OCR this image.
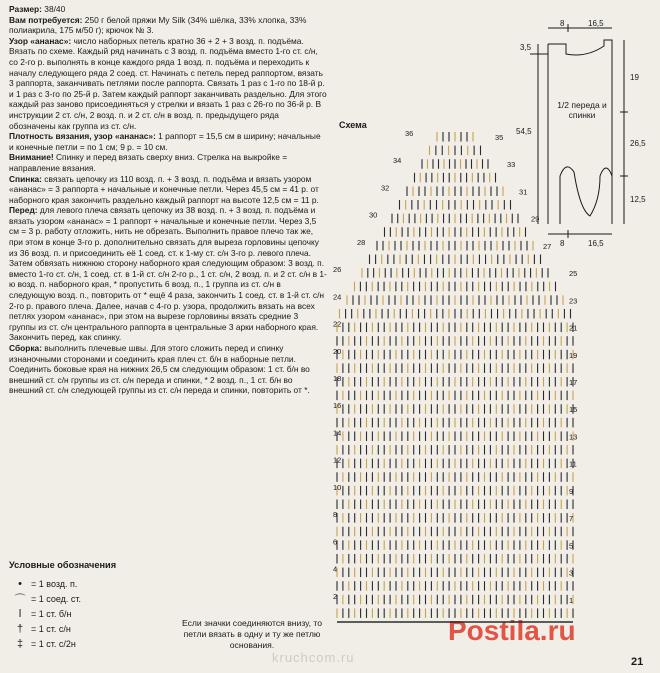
Размер: 38/40

Вам потребуется: 250 г белой пряжи My Silk (34% шёлка, 33% хлопка, 33% полиакрила, 175 м/50 г); крючок № 3.

Узор «ананас»: число наборных петель кратно 36 + 2 + 3 возд. п. подъёма. Вязать по схеме. Каждый ряд начинать с 3 возд. п. подъёма вместо 1-го ст. с/н, со 2-го р. выполнять в конце каждого ряда 1 возд. п. подъёма и переходить к началу следующего ряда 2 соед. ст. Начинать с петель перед раппортом, вязать 3 раппорта, заканчивать петлями после раппорта. Связать 1 раз с 1-го по 18-й р. и 1 раз с 3-го по 25-й р. Затем каждый раппорт заканчивать раздельно. Для этого каждый раз заново присоединяться у стрелки и вязать 1 раз с 26-го по 36-й р. В инструкции 2 ст. с/н, 2 возд. п. и 2 ст. с/н в возд. п. предыдущего ряда обозначены как группа из ст. с/н.

Плотность вязания, узор «ананас»: 1 раппорт = 15,5 см в ширину; начальные и конечные петли = по 1 см; 9 р. = 10 см.

Внимание! Спинку и перед вязать сверху вниз. Стрелка на выкройке = направление вязания.

Спинка: связать цепочку из 110 возд. п. + 3 возд. п. подъёма и вязать узором «ананас» = 3 раппорта + начальные и конечные петли. Через 45,5 см = 41 р. от наборного края закончить раздельно каждый раппорт на высоте 12,5 см = 11 р.

Перед: для левого плеча связать цепочку из 38 возд. п. + 3 возд. п. подъёма и вязать узором «ананас» = 1 раппорт + начальные и конечные петли. Через 3,5 см = 3 р. работу отложить, нить не обрезать. Выполнить правое плечо так же, при этом в конце 3-го р. дополнительно связать для выреза горловины цепочку из 36 возд. п. и присоединить её 1 соед. ст. к 1-му ст. с/н 3-го р. левого плеча. Затем обвязать нижнюю сторону наборного края следующим образом: 3 возд. п. вместо 1-го ст. с/н, 1 соед. ст. в 1-й ст. с/н 2-го р., 1 ст. с/н, 2 возд. п. и 2 ст. с/н в 1-ю возд. п. наборного края, * пропустить 6 возд. п., 1 группа из ст. с/н в следующую возд. п., повторить от * ещё 4 раза, закончить 1 соед. ст. в 1-й ст. с/н 2-го р. правого плеча. Далее, начав с 4-го р. узора, продолжить вязать на всех петлях узором «ананас», при этом на вырезе горловины вязать средние 3 группы из ст. с/н центрального раппорта в центральные 3 арки наборного края. Закончить перед, как спинку.

Сборка: выполнить плечевые швы. Для этого сложить перед и спинку изнаночными сторонами и соединить края плеч ст. б/н в наборные петли. Соединить боковые края на нижних 26,5 см следующим образом: 1 ст. б/н во внешний ст. с/н группы из ст. с/н переда и спинки, * 2 возд. п., 1 ст. б/н во внешний ст. с/н следующей группы из ст. с/н переда и спинки, повторить от *.

Условные обозначения
•	= 1 возд. п.
⌒ = 1 соед. ст.
ǀ	= 1 ст. б/н
† = 1 ст. с/н
‡ = 1 ст. с/2н
Если значки соединяются внизу, то петли вязать в одну и ту же петлю основания.
kruchcom.ru
Postila.ru
21
Схема
8	16,5
19
26,5
12,5
3,5
54,5
8	16,5
1/2 переда и спинки
35
33
31
29
27
25
23
21
19
17
15
13
11
9
7
5
3
1
36
34
32
30
28
26
24
22
20
18
16
14
12
10
8
6
4
2
